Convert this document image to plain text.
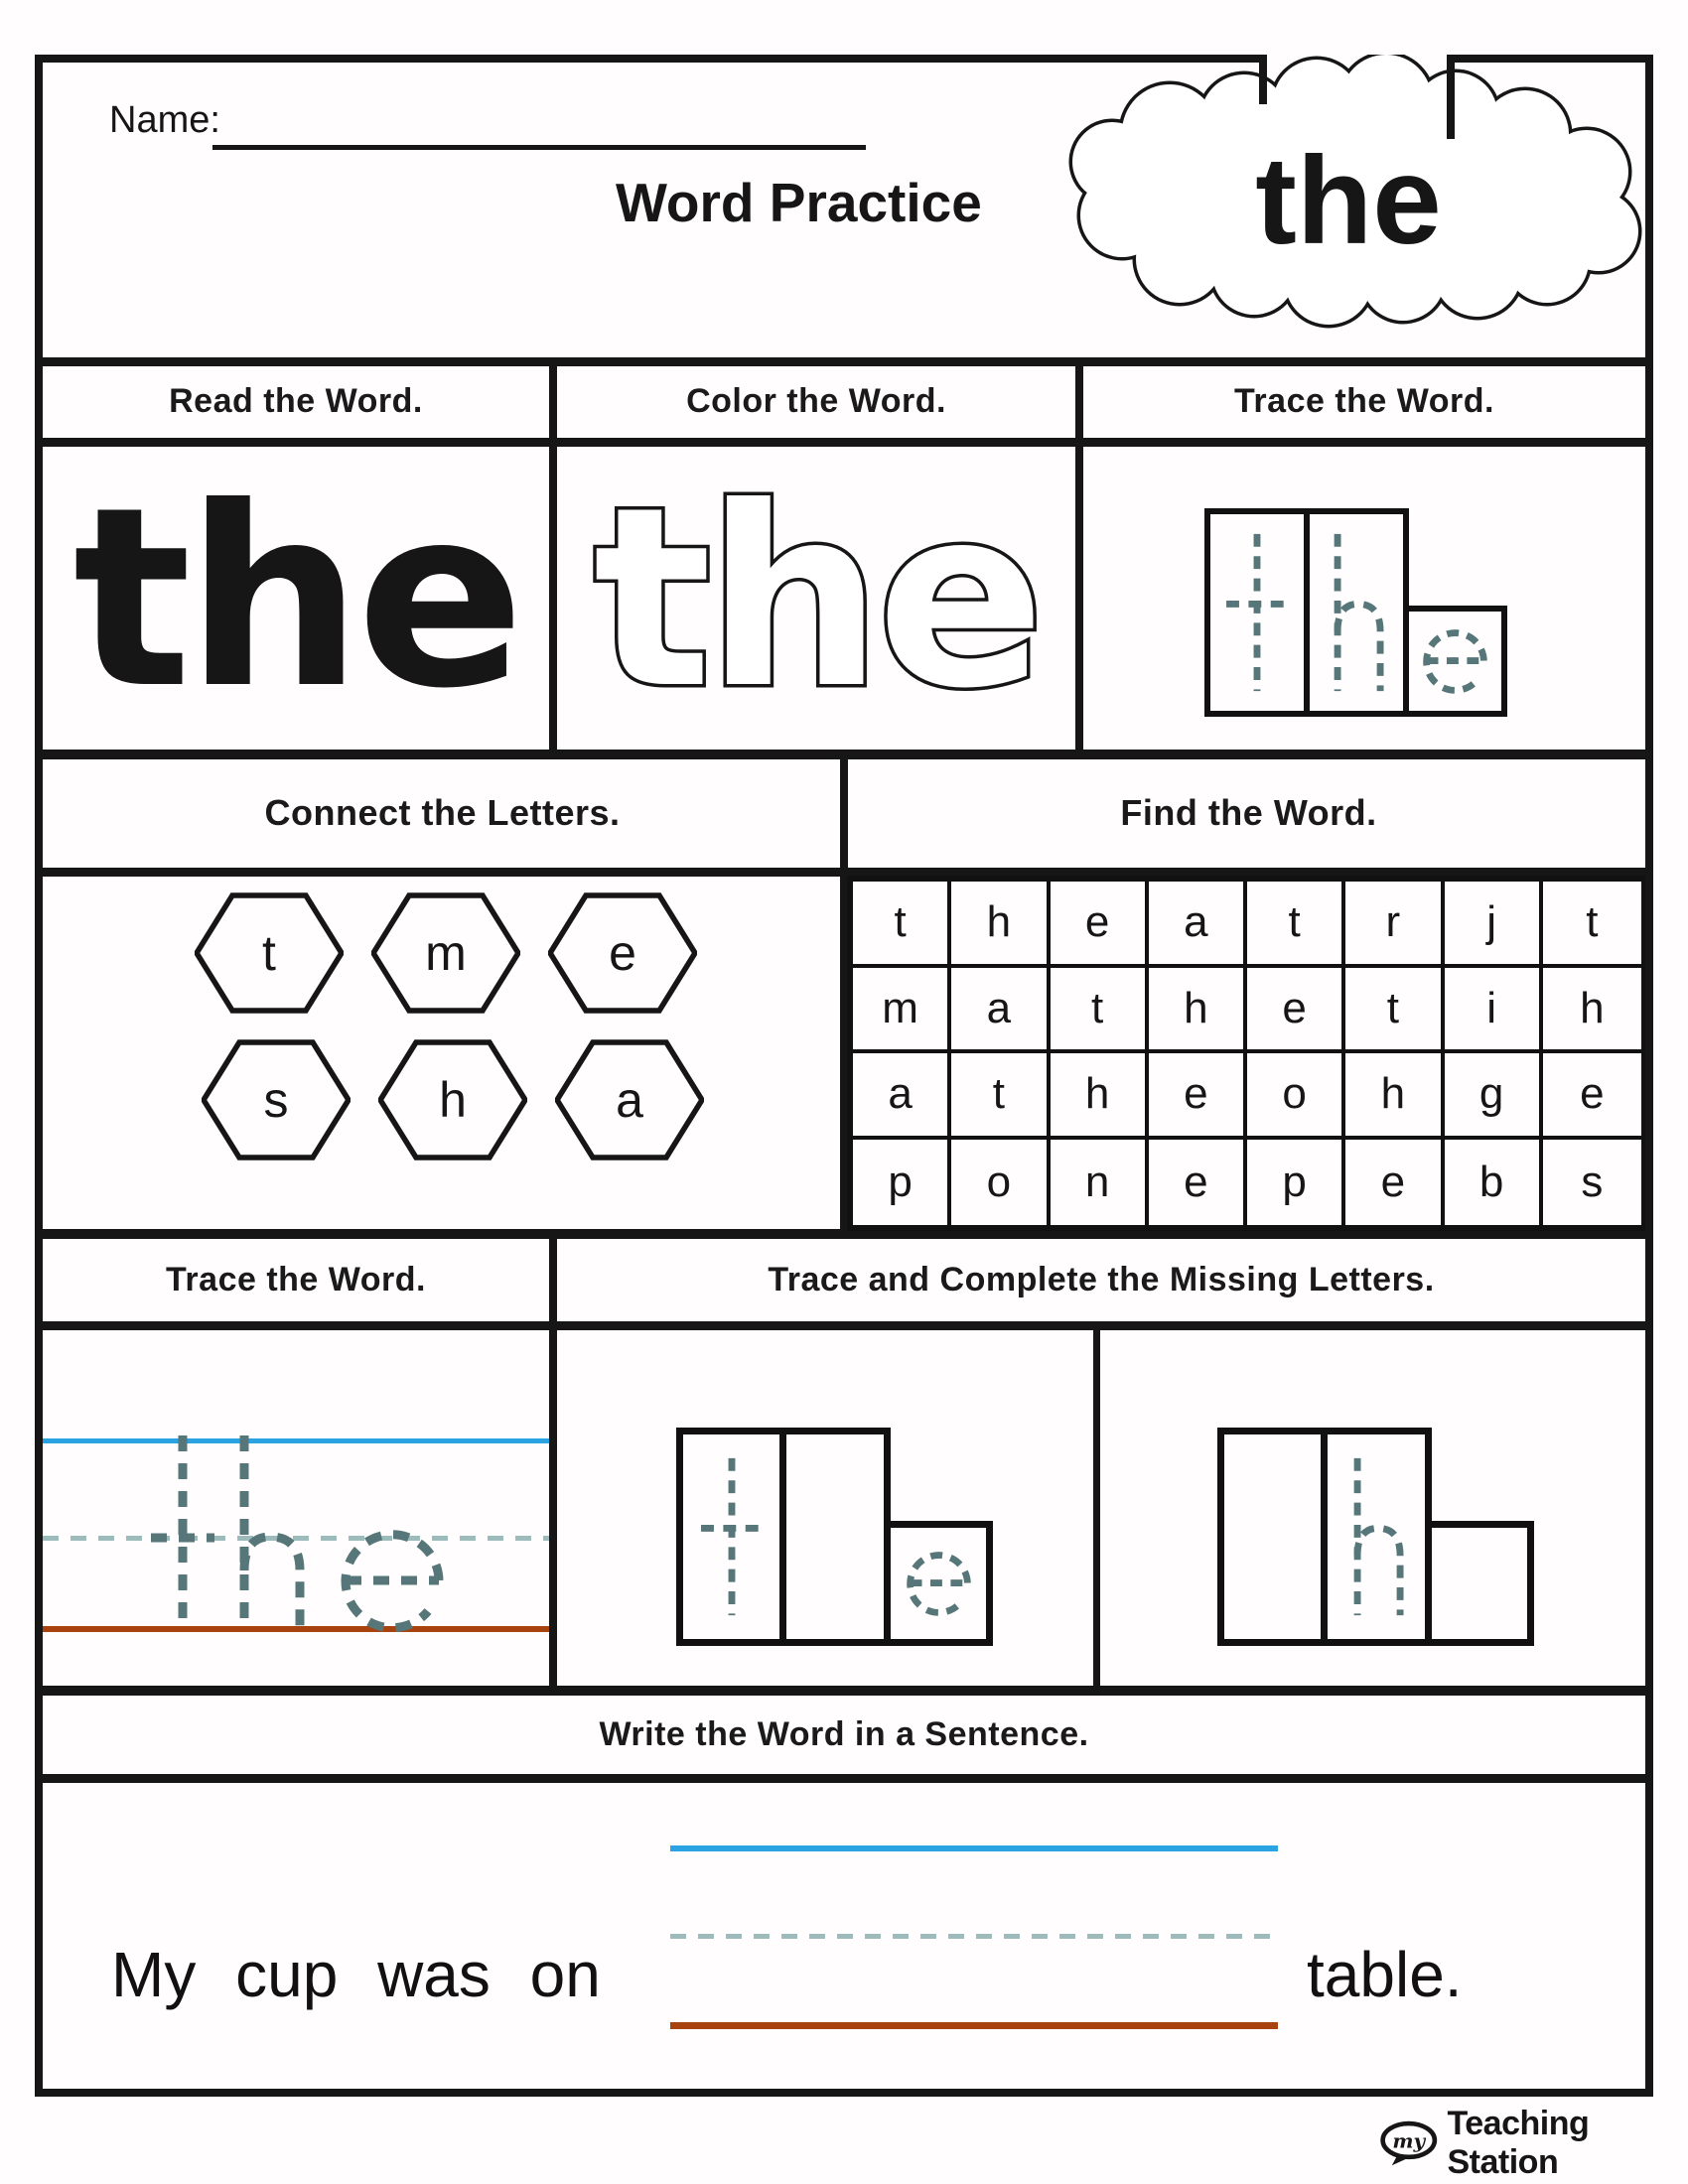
Name:
Word Practice the
Read the Word.	Color the Word.	Trace the Word.
the the
Connect the Letters.	Find the Word.
t	m	e
s	h	a
t	h	e	a	t	r	j	t
m	a	t	h	e	t	i	h
a	t	h	e	o	h	g	e
p	o	n	e	p	e	b	s
Trace the Word.	Trace and Complete the Missing Letters.
Write the Word in a Sentence.
My cup was on	table.
my Teaching Station
